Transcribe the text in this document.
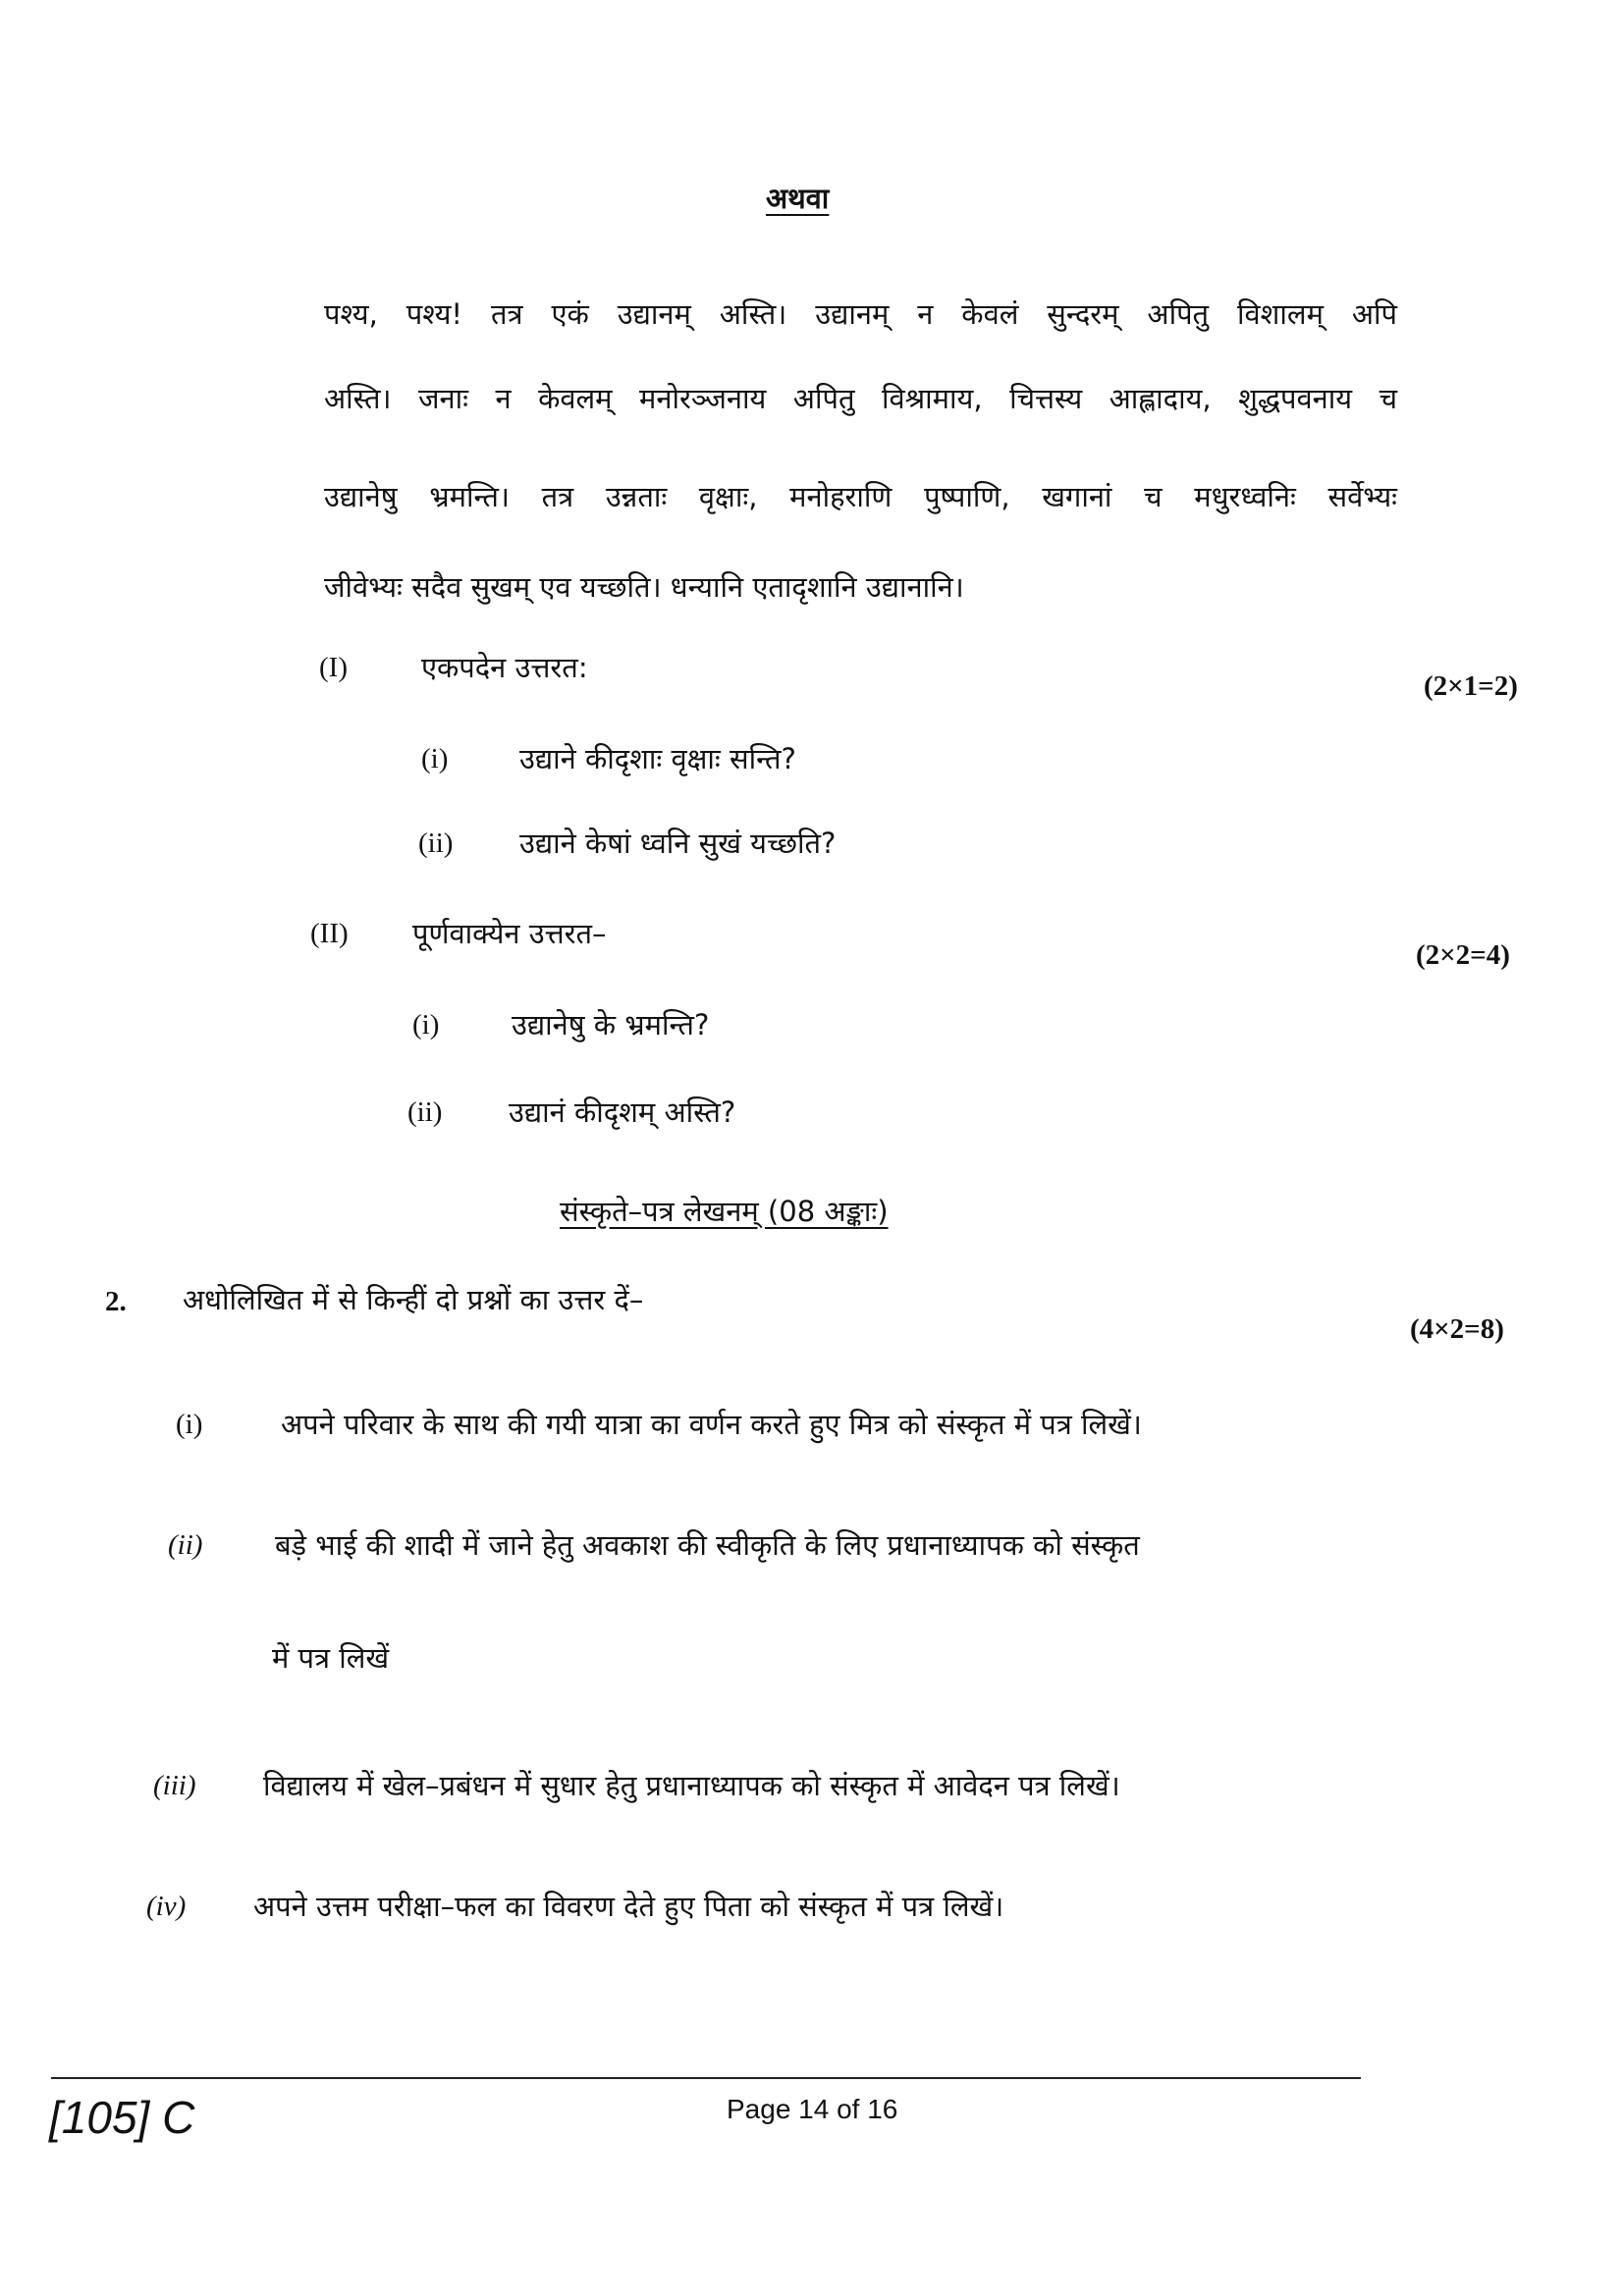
अथवा
पश्य, पश्य! तत्र एकं उद्यानम् अस्ति। उद्यानम् न केवलं सुन्दरम् अपितु विशालम् अपि
अस्ति। जनाः न केवलम् मनोरञ्जनाय अपितु विश्रामाय, चित्तस्य आह्लादाय, शुद्धपवनाय च
उद्यानेषु भ्रमन्ति। तत्र उन्नताः वृक्षाः, मनोहराणि पुष्पाणि, खगानां च मधुरध्वनिः सर्वेभ्यः
जीवेभ्यः सदैव सुखम् एव यच्छति। धन्यानि एतादृशानि उद्यानानि।
(I)	एकपदेन उत्तरत:
(2×1=2)
(i)	उद्याने कीदृशाः वृक्षाः सन्ति?
(ii) उद्याने केषां ध्वनि सुखं यच्छति?
(II) पूर्णवाक्येन उत्तरत–
(2×2=4)
(i)	उद्यानेषु के भ्रमन्ति?
(ii) उद्यानं कीदृशम् अस्ति?
संस्कृते–पत्र लेखनम् (08 अङ्काः)
2. अधोलिखित में से किन्हीं दो प्रश्नों का उत्तर दें–
(4×2=8)
(i)	अपने परिवार के साथ की गयी यात्रा का वर्णन करते हुए मित्र को संस्कृत में पत्र लिखें।
(ii)	बड़े भाई की शादी में जाने हेतु अवकाश की स्वीकृति के लिए प्रधानाध्यापक को संस्कृत
में पत्र लिखें
(iii) विद्यालय में खेल–प्रबंधन में सुधार हेतु प्रधानाध्यापक को संस्कृत में आवेदन पत्र लिखें।
(iv) अपने उत्तम परीक्षा–फल का विवरण देते हुए पिता को संस्कृत में पत्र लिखें।
[105] C	Page 14 of 16
